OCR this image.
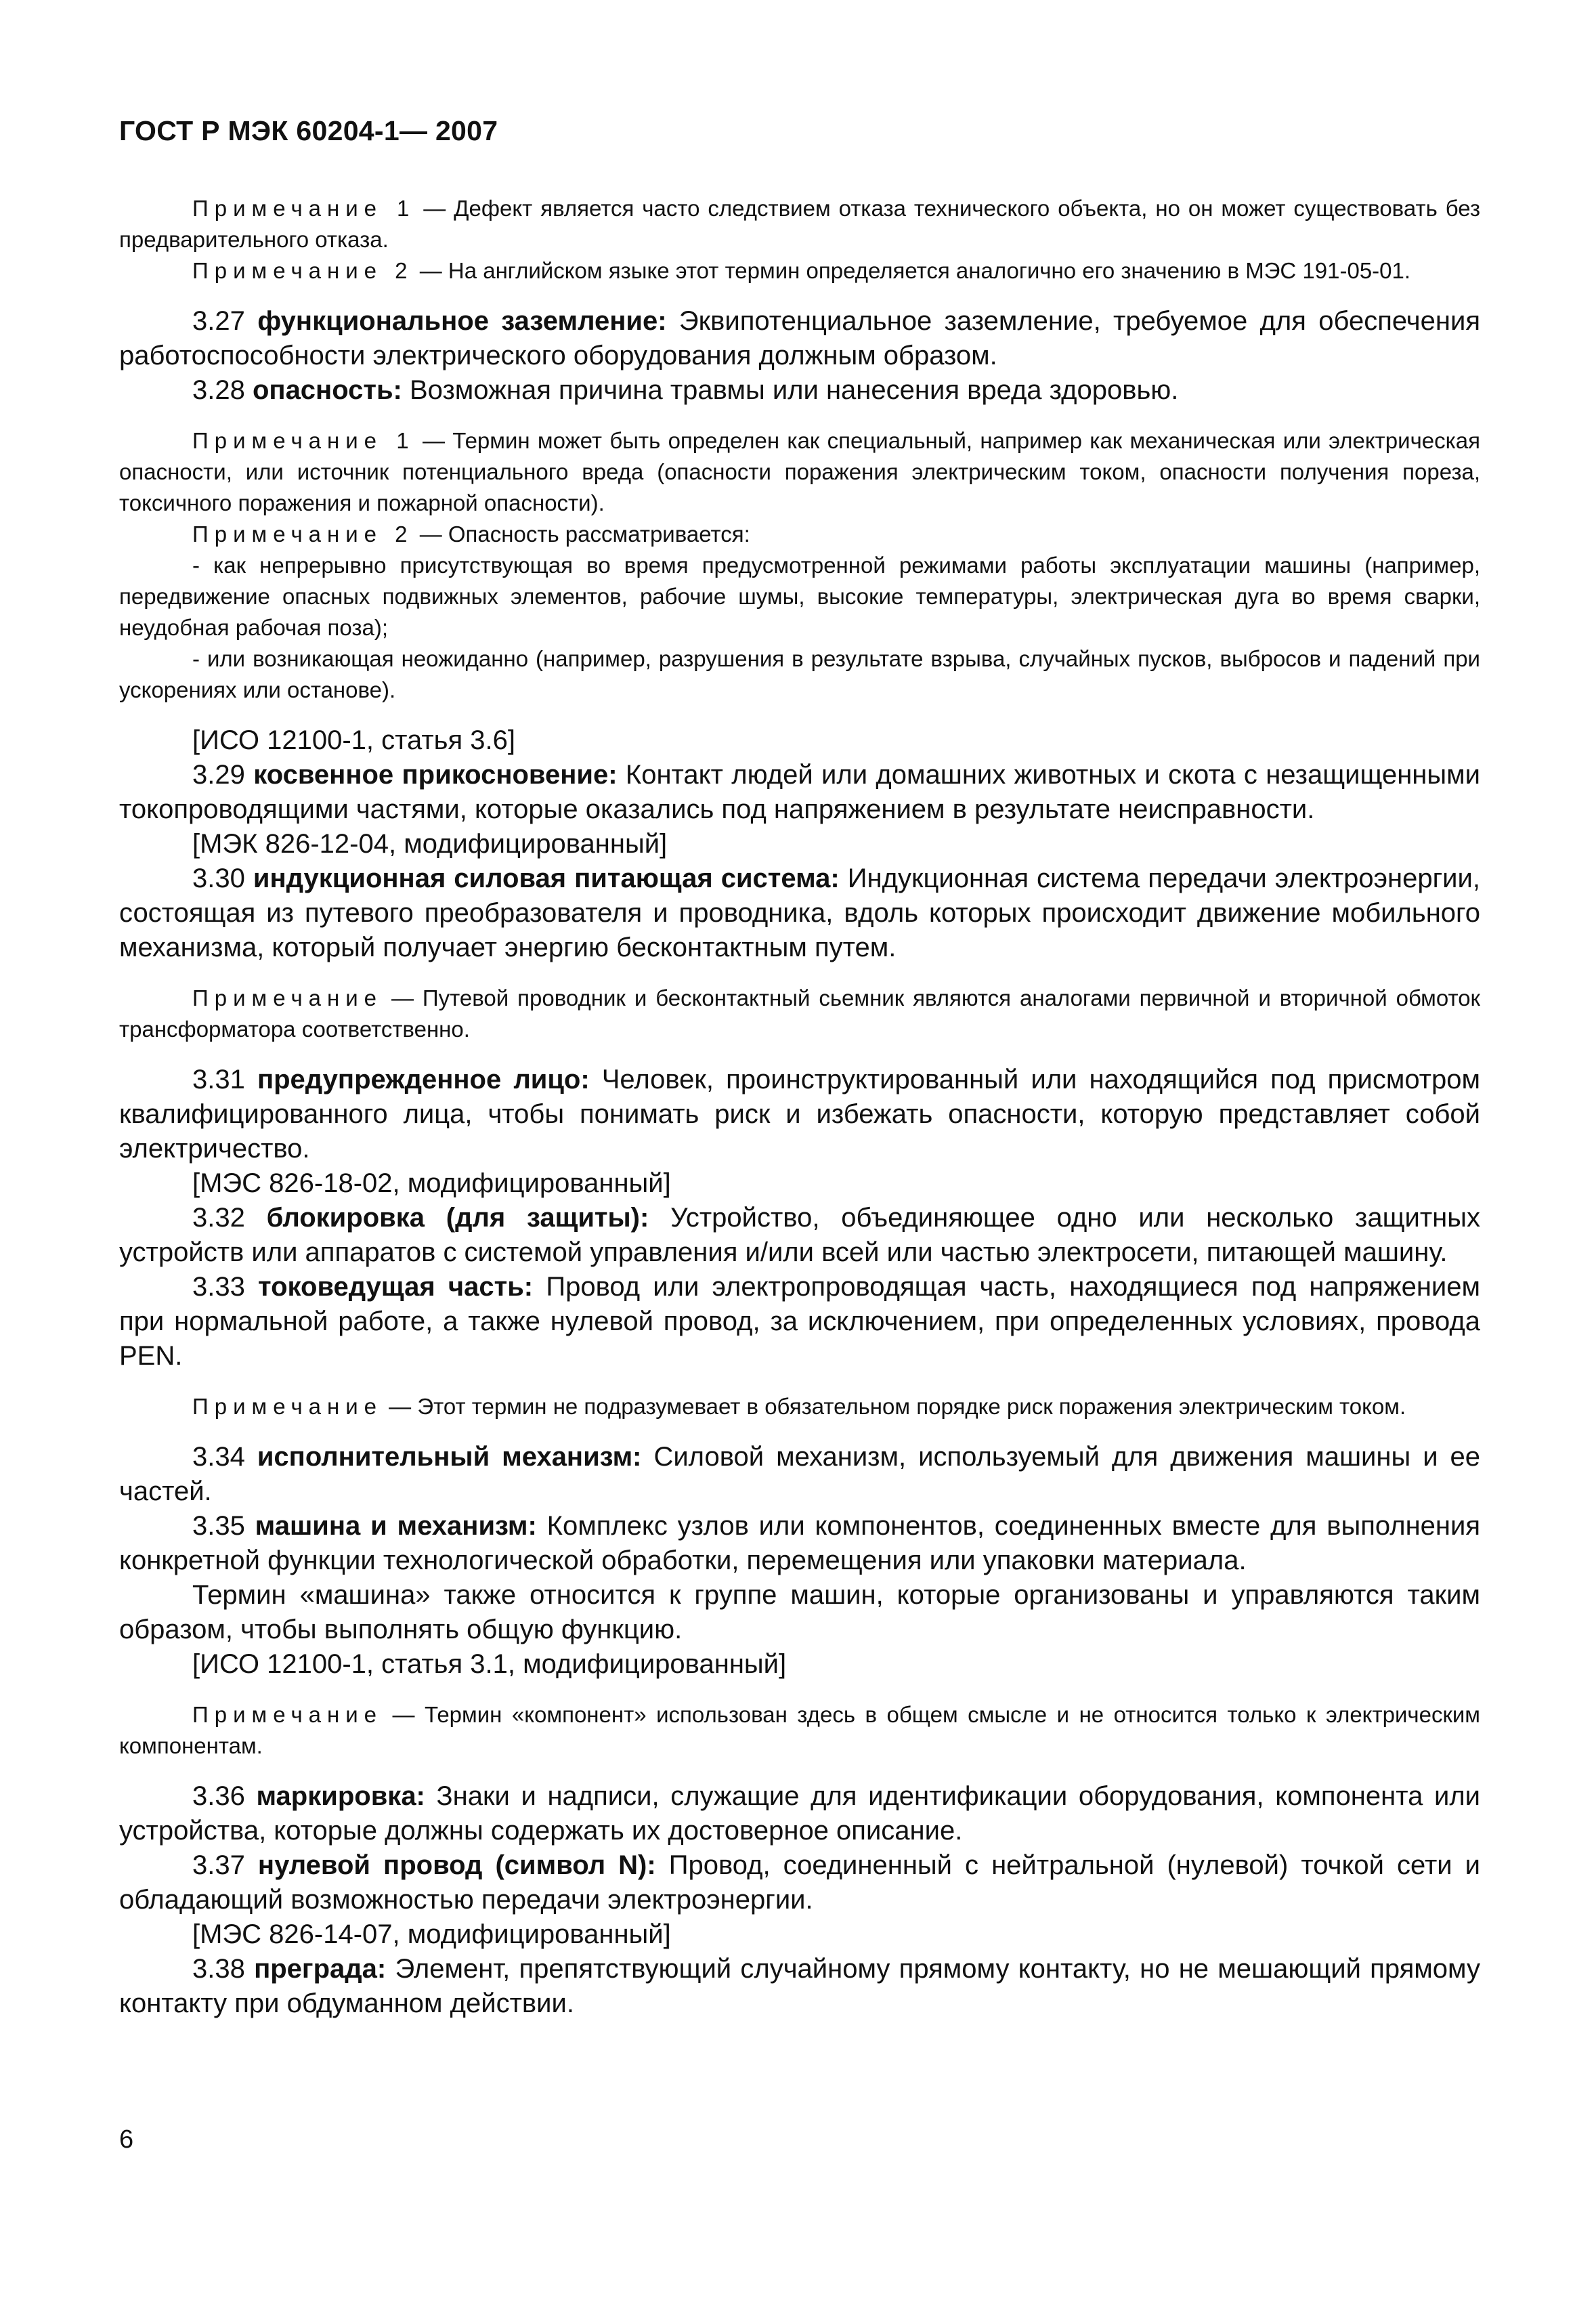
ГОСТ Р МЭК 60204-1— 2007

Примечание 1 — Дефект является часто следствием отказа технического объекта, но он может существовать без предварительного отказа.

Примечание 2 — На английском языке этот термин определяется аналогично его значению в МЭС 191-05-01.

3.27 функциональное заземление: Эквипотенциальное заземление, требуемое для обеспечения работоспособности электрического оборудования должным образом.

3.28 опасность: Возможная причина травмы или нанесения вреда здоровью.

Примечание 1 — Термин может быть определен как специальный, например как механическая или электрическая опасности, или источник потенциального вреда (опасности поражения электрическим током, опасности получения пореза, токсичного поражения и пожарной опасности).

Примечание 2 — Опасность рассматривается:

- как непрерывно присутствующая во время предусмотренной режимами работы эксплуатации машины (например, передвижение опасных подвижных элементов, рабочие шумы, высокие температуры, электрическая дуга во время сварки, неудобная рабочая поза);

- или возникающая неожиданно (например, разрушения в результате взрыва, случайных пусков, выбросов и падений при ускорениях или останове).

[ИСО 12100-1, статья 3.6]

3.29 косвенное прикосновение: Контакт людей или домашних животных и скота с незащищенными токопроводящими частями, которые оказались под напряжением в результате неисправности.

[МЭК 826-12-04, модифицированный]

3.30 индукционная силовая питающая система: Индукционная система передачи электроэнергии, состоящая из путевого преобразователя и проводника, вдоль которых происходит движение мобильного механизма, который получает энергию бесконтактным путем.

Примечание — Путевой проводник и бесконтактный сьемник являются аналогами первичной и вторичной обмоток трансформатора соответственно.

3.31 предупрежденное лицо: Человек, проинструктированный или находящийся под присмотром квалифицированного лица, чтобы понимать риск и избежать опасности, которую представляет собой электричество.

[МЭС 826-18-02, модифицированный]

3.32 блокировка (для защиты): Устройство, объединяющее одно или несколько защитных устройств или аппаратов с системой управления и/или всей или частью электросети, питающей машину.

3.33 токоведущая часть: Провод или электропроводящая часть, находящиеся под напряжением при нормальной работе, а также нулевой провод, за исключением, при определенных условиях, провода PEN.

Примечание — Этот термин не подразумевает в обязательном порядке риск поражения электрическим током.

3.34 исполнительный механизм: Силовой механизм, используемый для движения машины и ее частей.

3.35 машина и механизм: Комплекс узлов или компонентов, соединенных вместе для выполнения конкретной функции технологической обработки, перемещения или упаковки материала.

Термин «машина» также относится к группе машин, которые организованы и управляются таким образом, чтобы выполнять общую функцию.

[ИСО 12100-1, статья 3.1, модифицированный]

Примечание — Термин «компонент» использован здесь в общем смысле и не относится только к электрическим компонентам.

3.36 маркировка: Знаки и надписи, служащие для идентификации оборудования, компонента или устройства, которые должны содержать их достоверное описание.

3.37 нулевой провод (символ N): Провод, соединенный с нейтральной (нулевой) точкой сети и обладающий возможностью передачи электроэнергии.

[МЭС 826-14-07, модифицированный]

3.38 преграда: Элемент, препятствующий случайному прямому контакту, но не мешающий прямому контакту при обдуманном действии.

6
